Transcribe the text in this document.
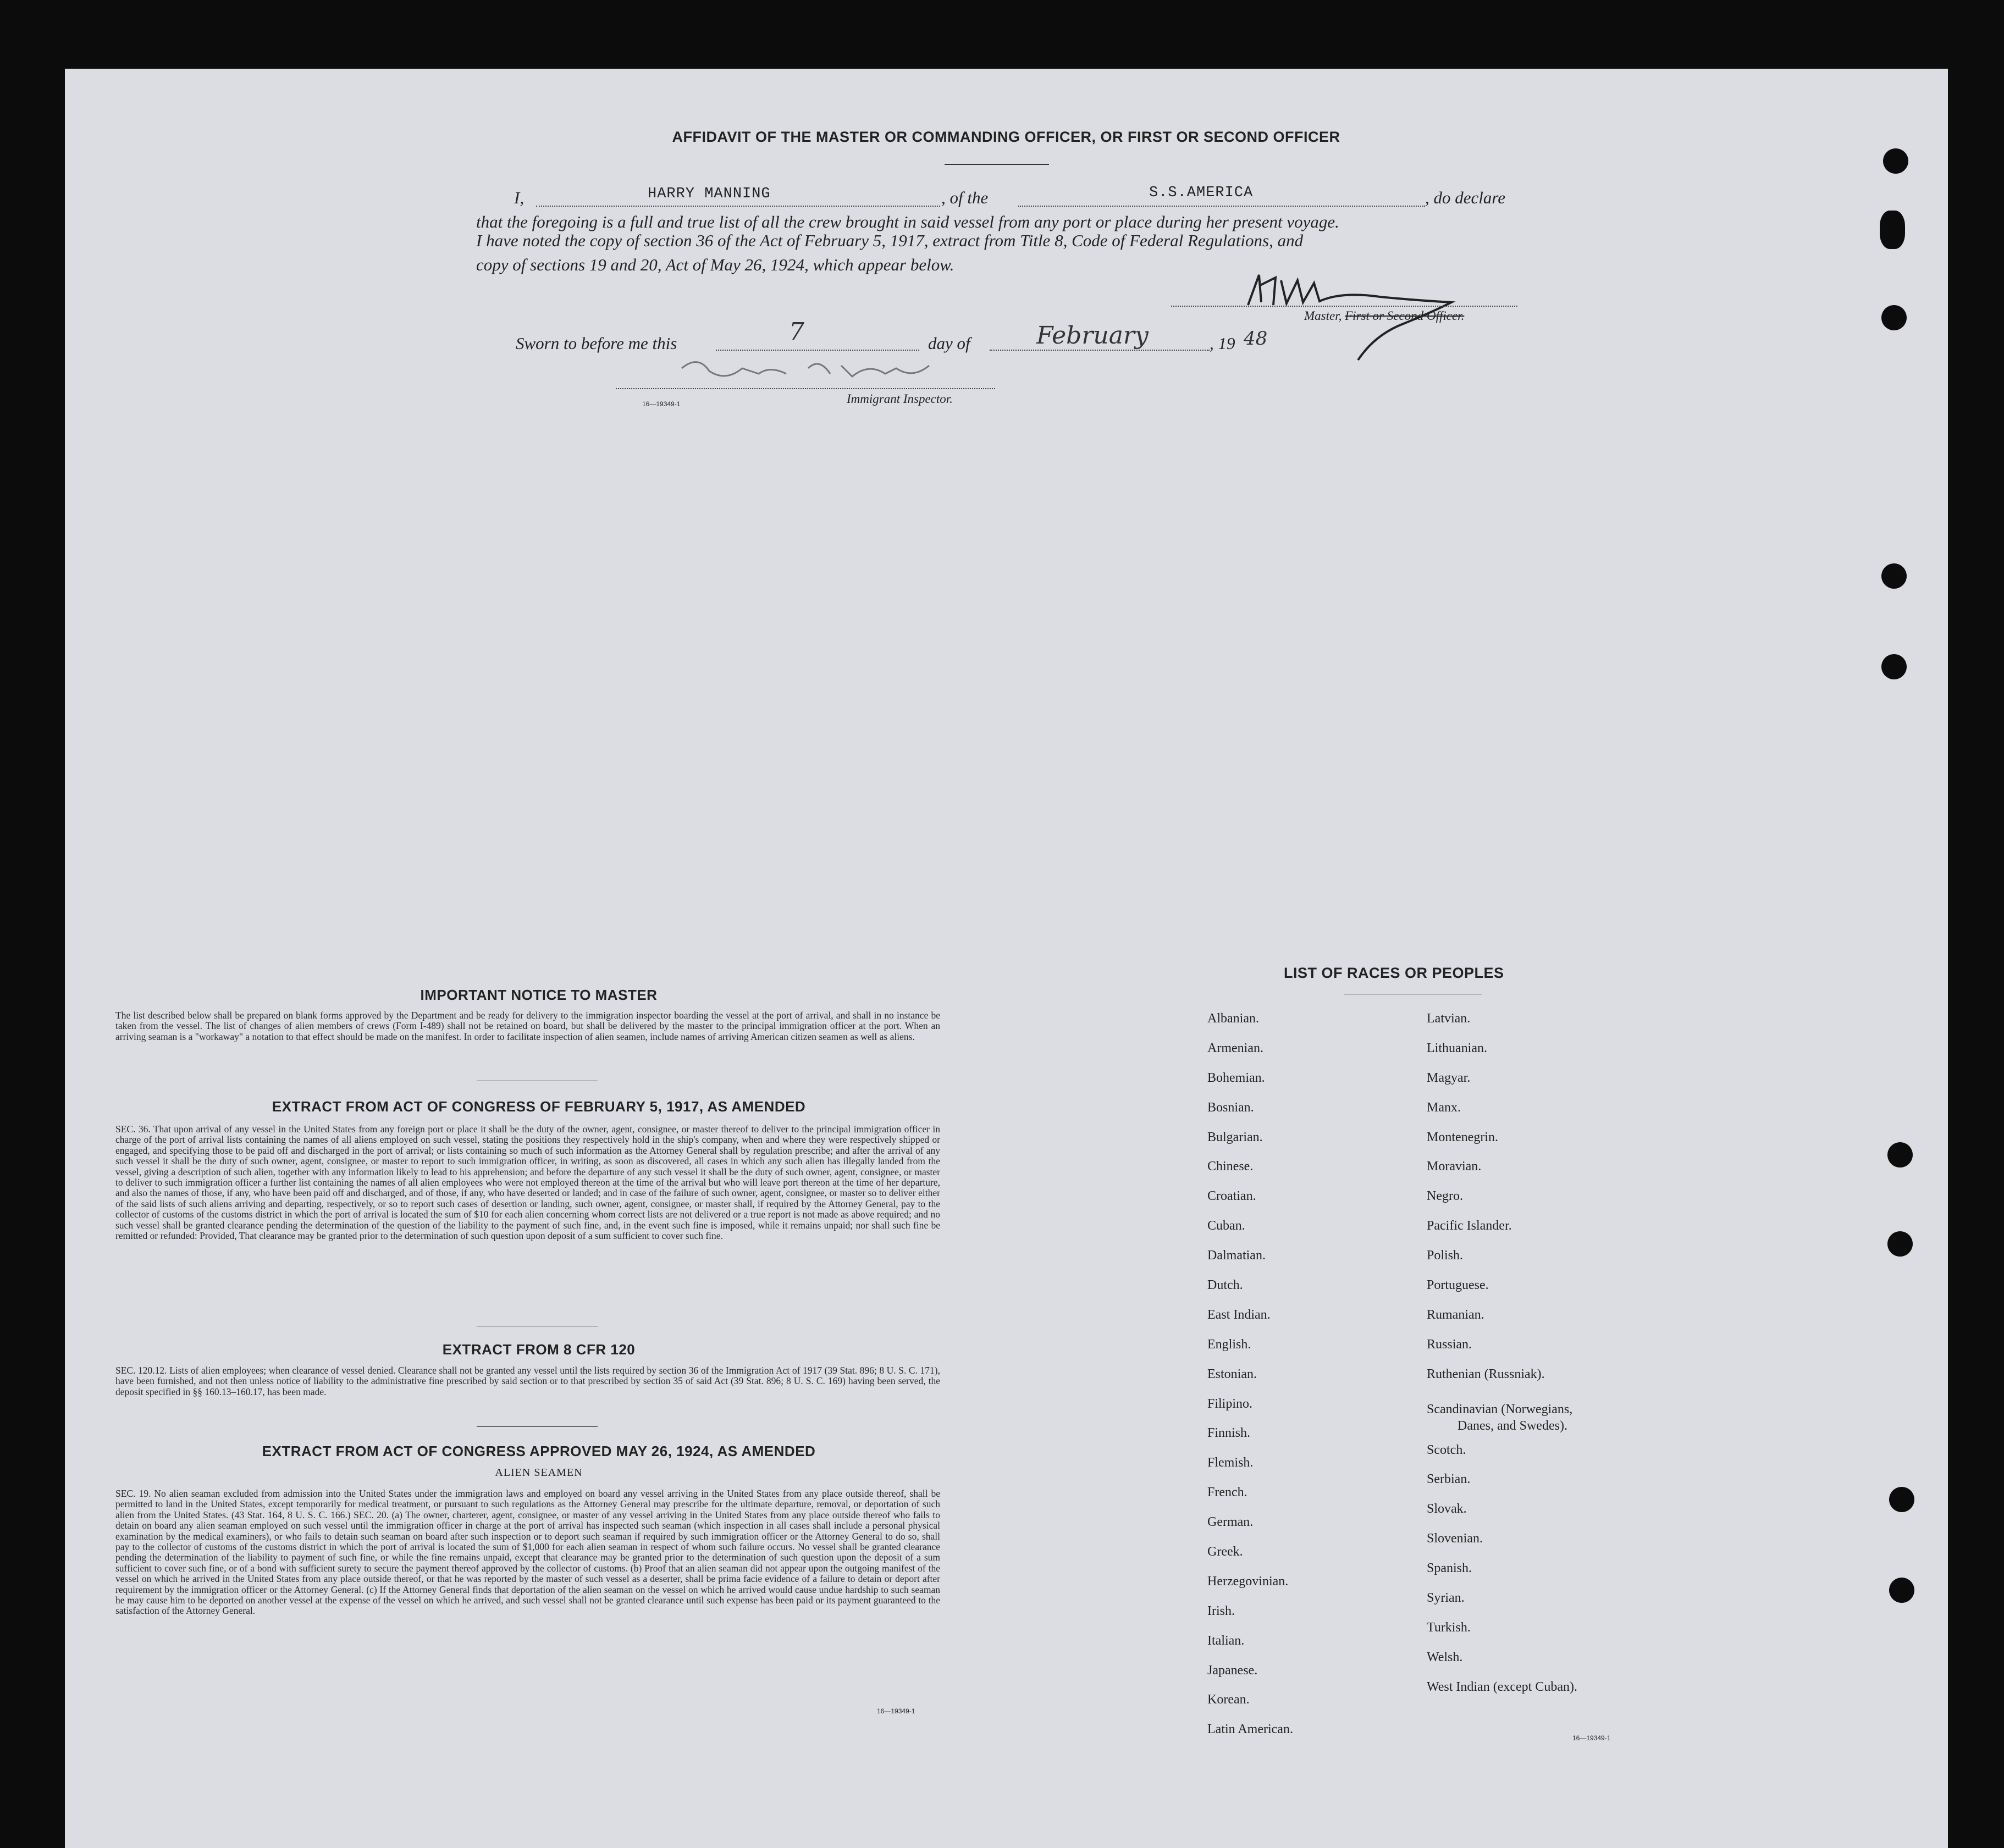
AFFIDAVIT OF THE MASTER OR COMMANDING OFFICER, OR FIRST OR SECOND OFFICER
I,	HARRY MANNING	, of the	S.S.AMERICA	, do declare
that the foregoing is a full and true list of all the crew brought in said vessel from any port or place during her present voyage.
I have noted the copy of section 36 of the Act of February 5, 1917, extract from Title 8, Code of Federal Regulations, and
copy of sections 19 and 20, Act of May 26, 1924, which appear below.
Master, First or Second Officer.
Sworn to before me this	7	day of	February	, 19 48
16—19349-1	Immigrant Inspector.
IMPORTANT NOTICE TO MASTER
The list described below shall be prepared on blank forms approved by the Department and be ready for delivery to the immigration inspector boarding the vessel at the port of arrival, and shall in no instance be taken from the vessel. The list of changes of alien members of crews (Form I-489) shall not be retained on board, but shall be delivered by the master to the principal immigration officer at the port. When an arriving seaman is a "workaway" a notation to that effect should be made on the manifest. In order to facilitate inspection of alien seamen, include names of arriving American citizen seamen as well as aliens.
EXTRACT FROM ACT OF CONGRESS OF FEBRUARY 5, 1917, AS AMENDED
SEC. 36. That upon arrival of any vessel in the United States from any foreign port or place it shall be the duty of the owner, agent, consignee, or master thereof to deliver to the principal immigration officer in charge of the port of arrival lists containing the names of all aliens employed on such vessel, stating the positions they respectively hold in the ship's company, when and where they were respectively shipped or engaged, and specifying those to be paid off and discharged in the port of arrival; or lists containing so much of such information as the Attorney General shall by regulation prescribe; and after the arrival of any such vessel it shall be the duty of such owner, agent, consignee, or master to report to such immigration officer, in writing, as soon as discovered, all cases in which any such alien has illegally landed from the vessel, giving a description of such alien, together with any information likely to lead to his apprehension; and before the departure of any such vessel it shall be the duty of such owner, agent, consignee, or master to deliver to such immigration officer a further list containing the names of all alien employees who were not employed thereon at the time of the arrival but who will leave port thereon at the time of her departure, and also the names of those, if any, who have been paid off and discharged, and of those, if any, who have deserted or landed; and in case of the failure of such owner, agent, consignee, or master so to deliver either of the said lists of such aliens arriving and departing, respectively, or so to report such cases of desertion or landing, such owner, agent, consignee, or master shall, if required by the Attorney General, pay to the collector of customs of the customs district in which the port of arrival is located the sum of $10 for each alien concerning whom correct lists are not delivered or a true report is not made as above required; and no such vessel shall be granted clearance pending the determination of the question of the liability to the payment of such fine, and, in the event such fine is imposed, while it remains unpaid; nor shall such fine be remitted or refunded: Provided, That clearance may be granted prior to the determination of such question upon deposit of a sum sufficient to cover such fine.
EXTRACT FROM 8 CFR 120
SEC. 120.12. Lists of alien employees; when clearance of vessel denied. Clearance shall not be granted any vessel until the lists required by section 36 of the Immigration Act of 1917 (39 Stat. 896; 8 U. S. C. 171), have been furnished, and not then unless notice of liability to the administrative fine prescribed by said section or to that prescribed by section 35 of said Act (39 Stat. 896; 8 U. S. C. 169) having been served, the deposit specified in §§ 160.13–160.17, has been made.
EXTRACT FROM ACT OF CONGRESS APPROVED MAY 26, 1924, AS AMENDED
ALIEN SEAMEN
SEC. 19. No alien seaman excluded from admission into the United States under the immigration laws and employed on board any vessel arriving in the United States from any place outside thereof, shall be permitted to land in the United States, except temporarily for medical treatment, or pursuant to such regulations as the Attorney General may prescribe for the ultimate departure, removal, or deportation of such alien from the United States. (43 Stat. 164, 8 U. S. C. 166.) SEC. 20. (a) The owner, charterer, agent, consignee, or master of any vessel arriving in the United States from any place outside thereof who fails to detain on board any alien seaman employed on such vessel until the immigration officer in charge at the port of arrival has inspected such seaman (which inspection in all cases shall include a personal physical examination by the medical examiners), or who fails to detain such seaman on board after such inspection or to deport such seaman if required by such immigration officer or the Attorney General to do so, shall pay to the collector of customs of the customs district in which the port of arrival is located the sum of $1,000 for each alien seaman in respect of whom such failure occurs. No vessel shall be granted clearance pending the determination of the liability to payment of such fine, or while the fine remains unpaid, except that clearance may be granted prior to the determination of such question upon the deposit of a sum sufficient to cover such fine, or of a bond with sufficient surety to secure the payment thereof approved by the collector of customs. (b) Proof that an alien seaman did not appear upon the outgoing manifest of the vessel on which he arrived in the United States from any place outside thereof, or that he was reported by the master of such vessel as a deserter, shall be prima facie evidence of a failure to detain or deport after requirement by the immigration officer or the Attorney General. (c) If the Attorney General finds that deportation of the alien seaman on the vessel on which he arrived would cause undue hardship to such seaman he may cause him to be deported on another vessel at the expense of the vessel on which he arrived, and such vessel shall not be granted clearance until such expense has been paid or its payment guaranteed to the satisfaction of the Attorney General.
16—19349-1
LIST OF RACES OR PEOPLES
Albanian.
Armenian.
Bohemian.
Bosnian.
Bulgarian.
Chinese.
Croatian.
Cuban.
Dalmatian.
Dutch.
East Indian.
English.
Estonian.
Filipino.
Finnish.
Flemish.
French.
German.
Greek.
Herzegovinian.
Irish.
Italian.
Japanese.
Korean.
Latin American.
Latvian.
Lithuanian.
Magyar.
Manx.
Montenegrin.
Moravian.
Negro.
Pacific Islander.
Polish.
Portuguese.
Rumanian.
Russian.
Ruthenian (Russniak).
Scandinavian (Norwegians,
Danes, and Swedes).
Scotch.
Serbian.
Slovak.
Slovenian.
Spanish.
Syrian.
Turkish.
Welsh.
West Indian (except Cuban).
16—19349-1
